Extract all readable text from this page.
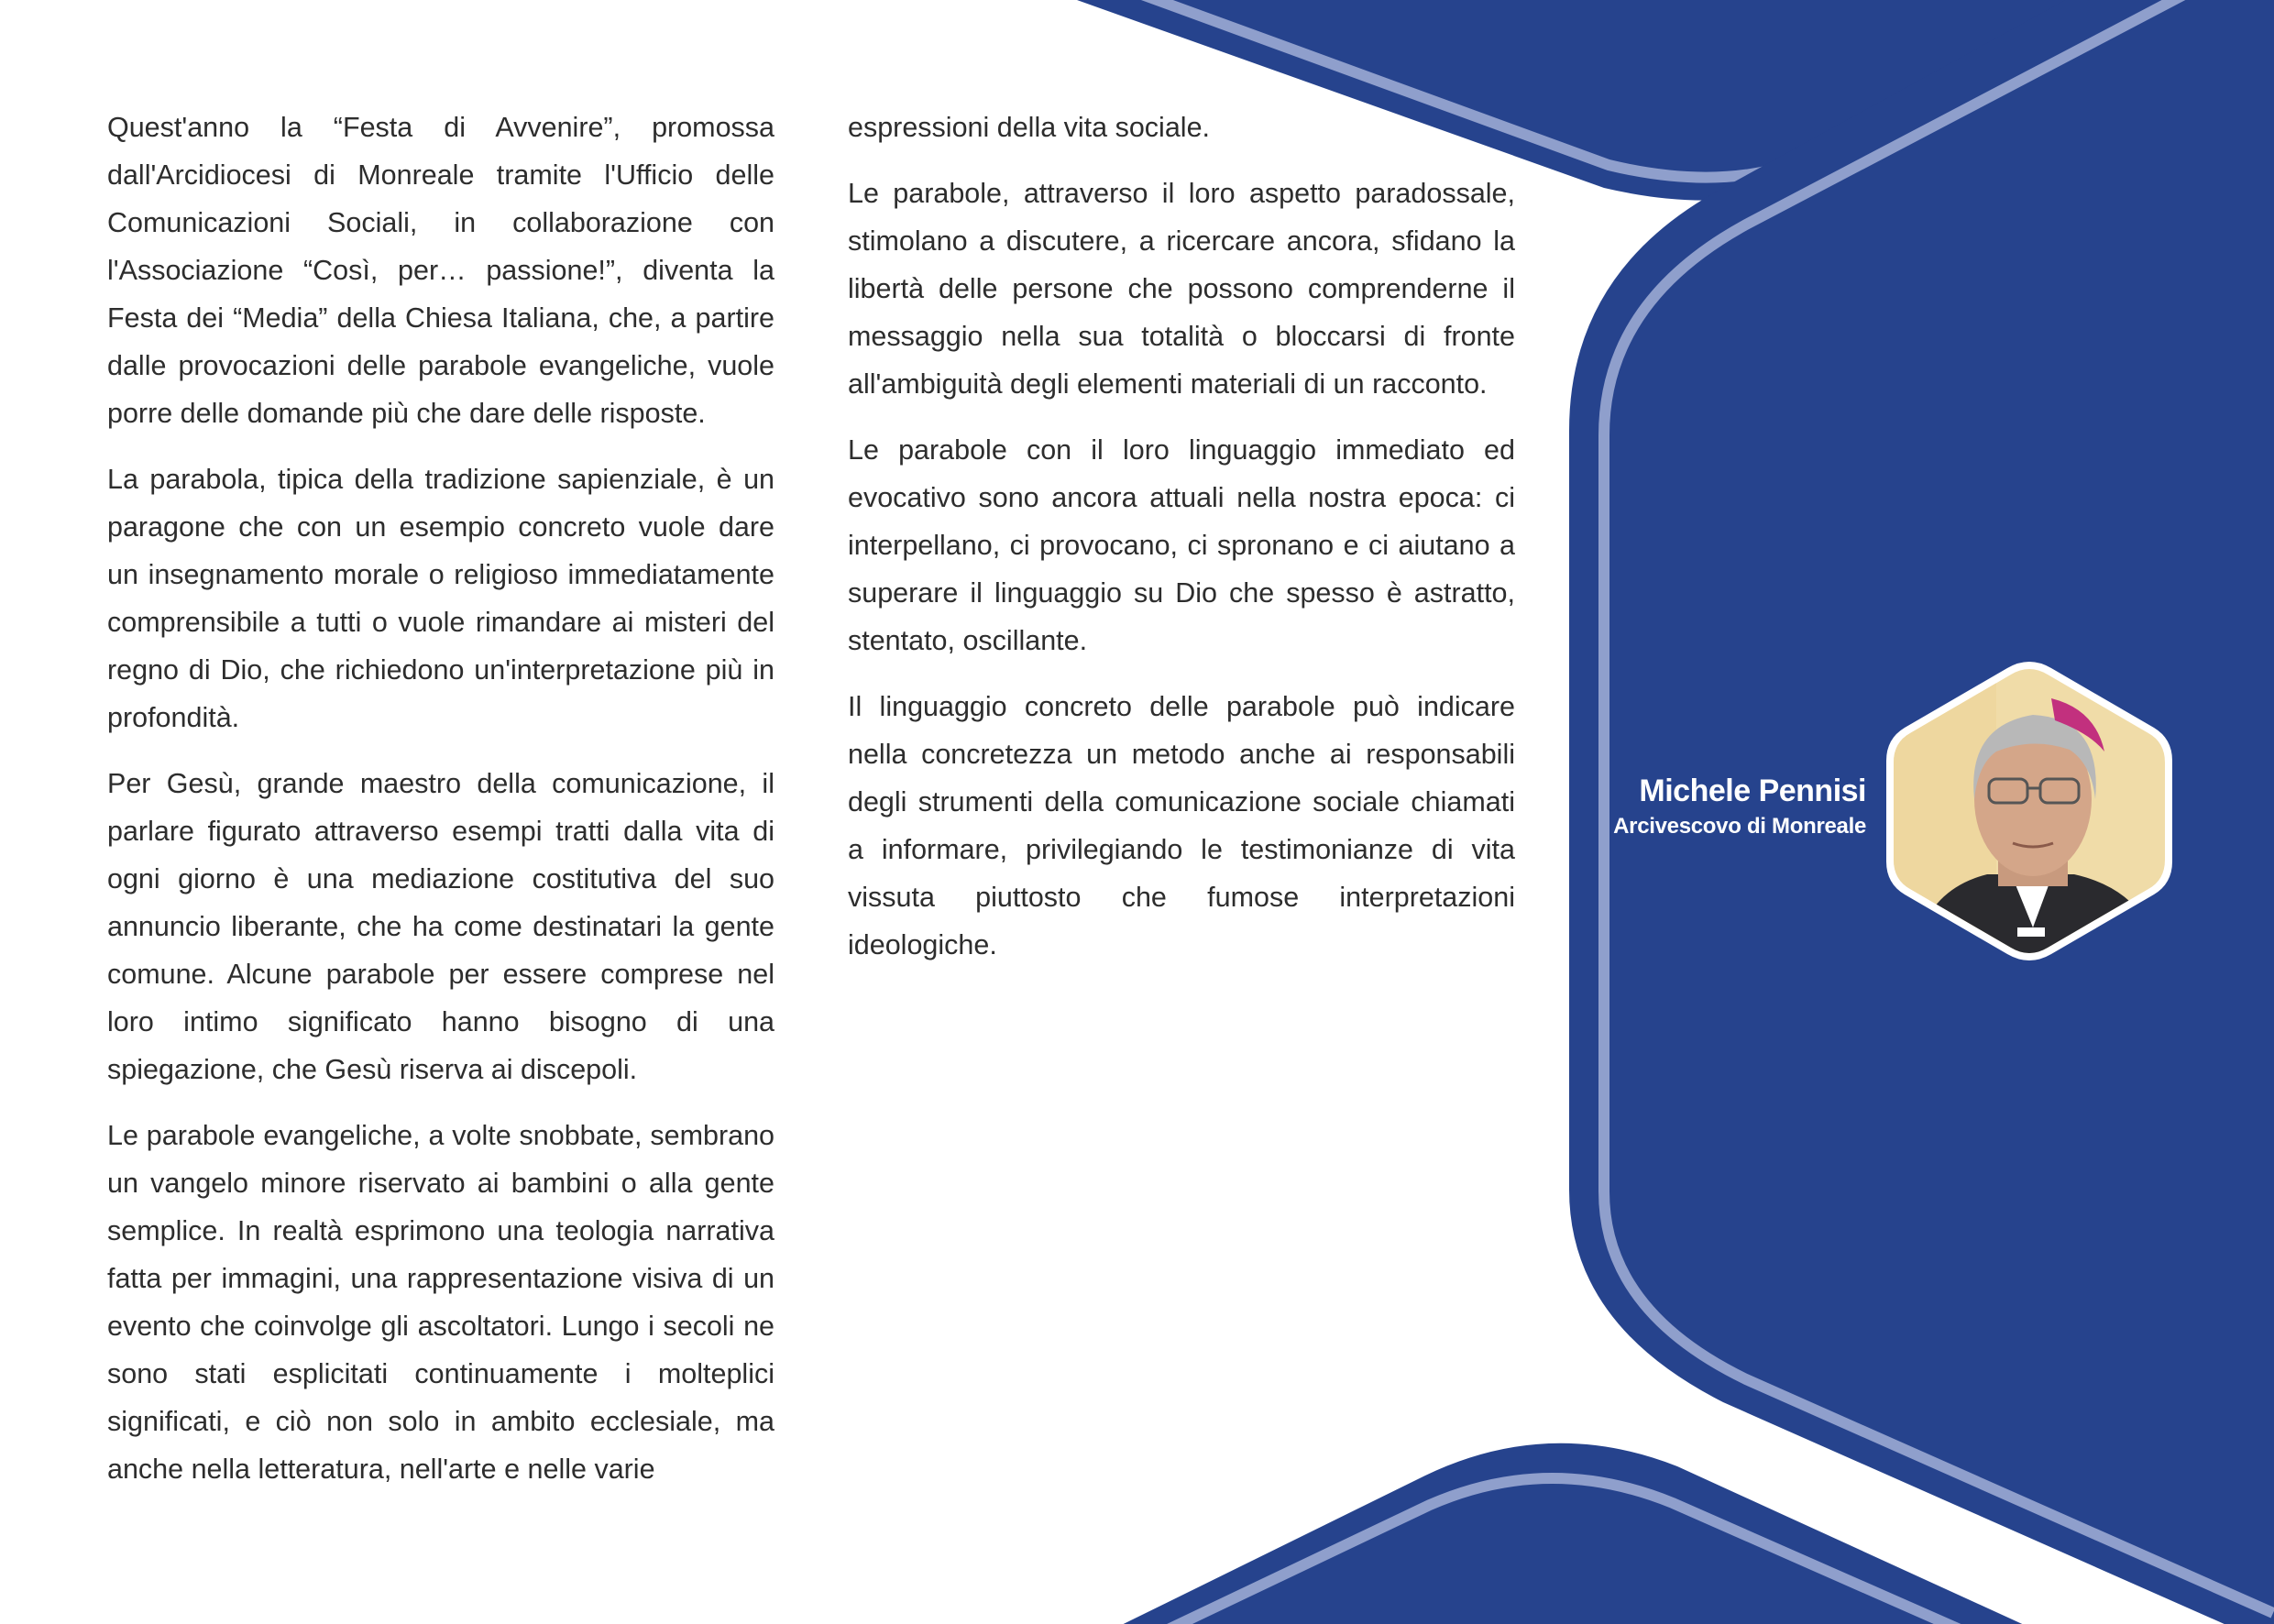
Quest'anno la “Festa di Avvenire”, promossa dall'Arcidiocesi di Monreale tramite l'Ufficio delle Comunicazioni Sociali, in collaborazione con l'Associazione “Così, per… passione!”, diventa la Festa dei “Media” della Chiesa Italiana, che, a partire dalle provocazioni delle parabole evangeliche, vuole porre delle domande più che dare delle risposte.

La parabola, tipica della tradizione sapienziale, è un paragone che con un esempio concreto vuole dare un insegnamento morale o religioso immediatamente comprensibile a tutti o vuole rimandare ai misteri del regno di Dio, che richiedono un'interpretazione più in profondità.

Per Gesù, grande maestro della comunicazione, il parlare figurato attraverso esempi tratti dalla vita di ogni giorno è una mediazione costitutiva del suo annuncio liberante, che ha come destinatari la gente comune. Alcune parabole per essere comprese nel loro intimo significato hanno bisogno di una spiegazione, che Gesù riserva ai discepoli.

Le parabole evangeliche, a volte snobbate, sembrano un vangelo minore riservato ai bambini o alla gente semplice. In realtà esprimono una teologia narrativa fatta per immagini, una rappresentazione visiva di un evento che coinvolge gli ascoltatori. Lungo i secoli ne sono stati esplicitati continuamente i molteplici significati, e ciò non solo in ambito ecclesiale, ma anche nella letteratura, nell'arte e nelle varie

espressioni della vita sociale.

Le parabole, attraverso il loro aspetto paradossale, stimolano a discutere, a ricercare ancora, sfidano la libertà delle persone che possono comprenderne il messaggio nella sua totalità o bloccarsi di fronte all'ambiguità degli elementi materiali di un racconto.

Le parabole con il loro linguaggio immediato ed evocativo sono ancora attuali nella nostra epoca: ci interpellano, ci provocano, ci spronano e ci aiutano a superare il linguaggio su Dio che spesso è astratto, stentato, oscillante.

Il linguaggio concreto delle parabole può indicare nella concretezza un metodo anche ai responsabili degli strumenti della comunicazione sociale chiamati a informare, privilegiando le testimonianze di vita vissuta piuttosto che fumose interpretazioni ideologiche.

Michele Pennisi
Arcivescovo di Monreale
